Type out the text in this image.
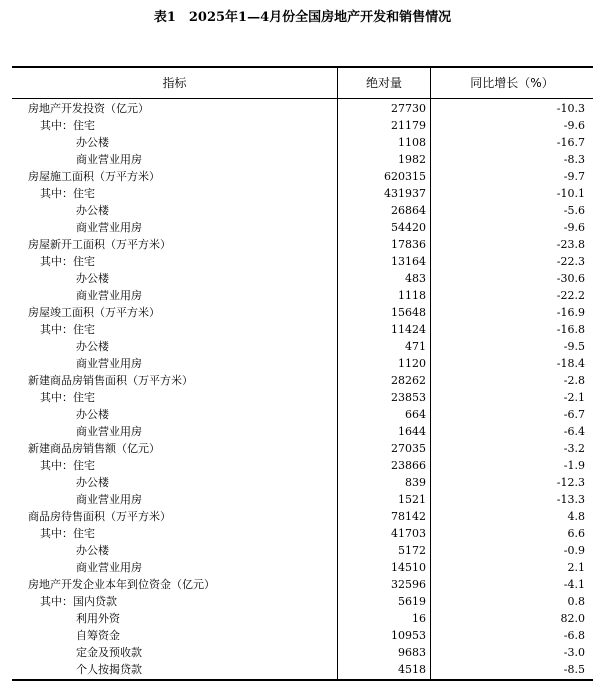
表1　2025年1—4月份全国房地产开发和销售情况
指标	绝对量	同比增长（%）
房地产开发投资（亿元）	27730	-10.3
其中：住宅	21179	-9.6
办公楼	1108	-16.7
商业营业用房	1982	-8.3
房屋施工面积（万平方米）	620315	-9.7
其中：住宅	431937	-10.1
办公楼	26864	-5.6
商业营业用房	54420	-9.6
房屋新开工面积（万平方米）	17836	-23.8
其中：住宅	13164	-22.3
办公楼	483	-30.6
商业营业用房	1118	-22.2
房屋竣工面积（万平方米）	15648	-16.9
其中：住宅	11424	-16.8
办公楼	471	-9.5
商业营业用房	1120	-18.4
新建商品房销售面积（万平方米）	28262	-2.8
其中：住宅	23853	-2.1
办公楼	664	-6.7
商业营业用房	1644	-6.4
新建商品房销售额（亿元）	27035	-3.2
其中：住宅	23866	-1.9
办公楼	839	-12.3
商业营业用房	1521	-13.3
商品房待售面积（万平方米）	78142	4.8
其中：住宅	41703	6.6
办公楼	5172	-0.9
商业营业用房	14510	2.1
房地产开发企业本年到位资金（亿元）	32596	-4.1
其中：国内贷款	5619	0.8
利用外资	16	82.0
自筹资金	10953	-6.8
定金及预收款	9683	-3.0
个人按揭贷款	4518	-8.5
